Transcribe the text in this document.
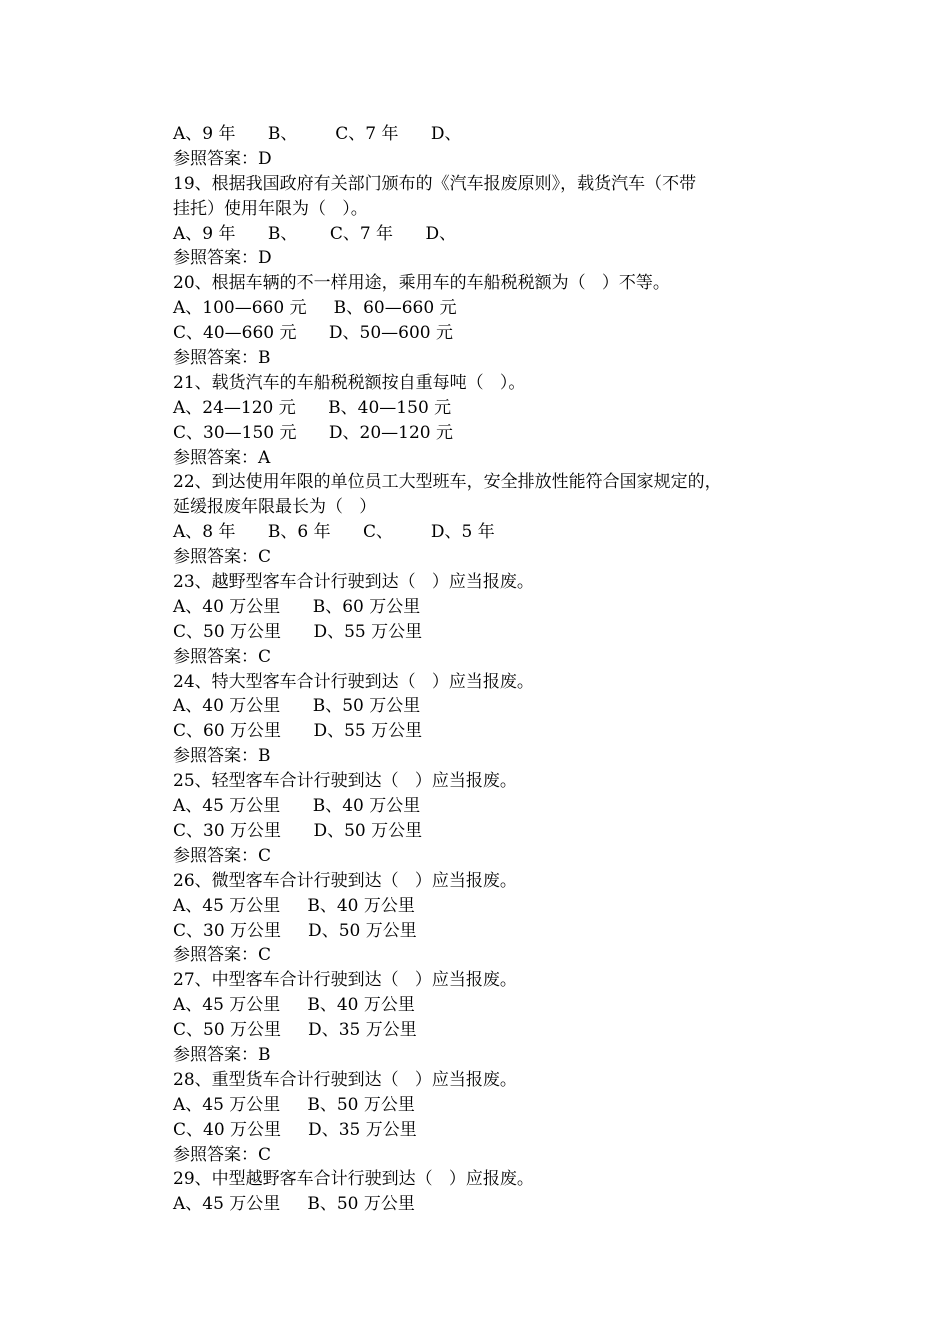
A、9 年      B、       C、7 年      D、
参照答案：D
19、根据我国政府有关部门颁布的《汽车报废原则》，载货汽车（不带
挂托）使用年限为（   ）。
A、9 年      B、      C、7 年      D、
参照答案：D
20、根据车辆的不一样用途，乘用车的车船税税额为（   ）不等。
A、100—660 元     B、60—660 元
C、40—660 元      D、50—600 元
参照答案：B
21、载货汽车的车船税税额按自重每吨（   ）。
A、24—120 元      B、40—150 元
C、30—150 元      D、20—120 元
参照答案：A
22、到达使用年限的单位员工大型班车，安全排放性能符合国家规定的，
延缓报废年限最长为（   ）
A、8 年      B、6 年      C、       D、5 年
参照答案：C
23、越野型客车合计行驶到达（   ）应当报废。
A、40 万公里      B、60 万公里
C、50 万公里      D、55 万公里
参照答案：C
24、特大型客车合计行驶到达（   ）应当报废。
A、40 万公里      B、50 万公里
C、60 万公里      D、55 万公里
参照答案：B
25、轻型客车合计行驶到达（   ）应当报废。
A、45 万公里      B、40 万公里
C、30 万公里      D、50 万公里
参照答案：C
26、微型客车合计行驶到达（   ）应当报废。
A、45 万公里     B、40 万公里
C、30 万公里     D、50 万公里
参照答案：C
27、中型客车合计行驶到达（   ）应当报废。
A、45 万公里     B、40 万公里
C、50 万公里     D、35 万公里
参照答案：B
28、重型货车合计行驶到达（   ）应当报废。
A、45 万公里     B、50 万公里
C、40 万公里     D、35 万公里
参照答案：C
29、中型越野客车合计行驶到达（   ）应报废。
A、45 万公里     B、50 万公里
